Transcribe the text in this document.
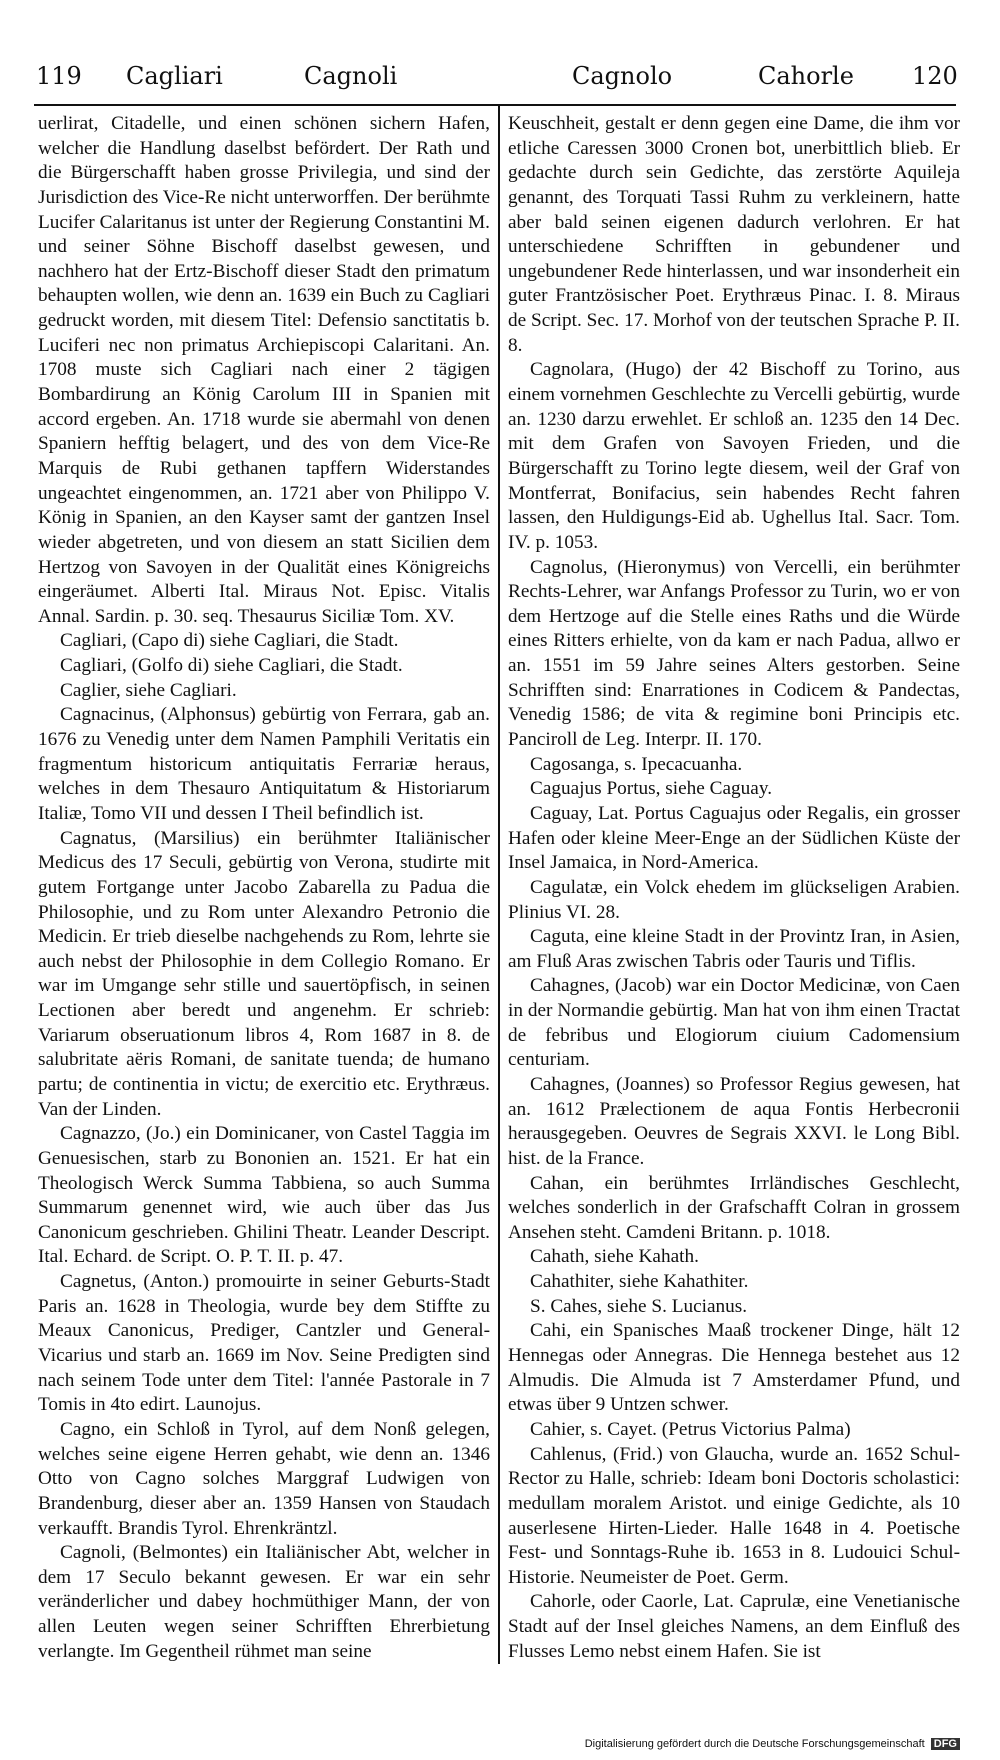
119 Cagliari	Cagnoli	Cagnolo	Cahorle 120

uerlirat, Citadelle, und einen schönen sichern Hafen, welcher die Handlung daselbst befördert. Der Rath und die Bürgerschafft haben grosse Privilegia, und sind der Jurisdiction des Vice-Re nicht unterworffen. Der berühmte Lucifer Calaritanus ist unter der Regierung Constantini M. und seiner Söhne Bischoff daselbst gewesen, und nachhero hat der Ertz-Bischoff dieser Stadt den primatum behaupten wollen, wie denn an. 1639 ein Buch zu Cagliari gedruckt worden, mit diesem Titel: Defensio sanctitatis b. Luciferi nec non primatus Archiepiscopi Calaritani. An. 1708 muste sich Cagliari nach einer 2 tägigen Bombardirung an König Carolum III in Spanien mit accord ergeben. An. 1718 wurde sie abermahl von denen Spaniern hefftig belagert, und des von dem Vice-Re Marquis de Rubi gethanen tapffern Widerstandes ungeachtet eingenommen, an. 1721 aber von Philippo V. König in Spanien, an den Kayser samt der gantzen Insel wieder abgetreten, und von diesem an statt Sicilien dem Hertzog von Savoyen in der Qualität eines Königreichs eingeräumet. Alberti Ital. Miraus Not. Episc. Vitalis Annal. Sardin. p. 30. seq. Thesaurus Siciliæ Tom. XV.

Cagliari, (Capo di) siehe Cagliari, die Stadt.

Cagliari, (Golfo di) siehe Cagliari, die Stadt.

Caglier, siehe Cagliari.

Cagnacinus, (Alphonsus) gebürtig von Ferrara, gab an. 1676 zu Venedig unter dem Namen Pamphili Veritatis ein fragmentum historicum antiquitatis Ferrariæ heraus, welches in dem Thesauro Antiquitatum & Historiarum Italiæ, Tomo VII und dessen I Theil befindlich ist.

Cagnatus, (Marsilius) ein berühmter Italiänischer Medicus des 17 Seculi, gebürtig von Verona, studirte mit gutem Fortgange unter Jacobo Zabarella zu Padua die Philosophie, und zu Rom unter Alexandro Petronio die Medicin. Er trieb dieselbe nachgehends zu Rom, lehrte sie auch nebst der Philosophie in dem Collegio Romano. Er war im Umgange sehr stille und sauertöpfisch, in seinen Lectionen aber beredt und angenehm. Er schrieb: Variarum obseruationum libros 4, Rom 1687 in 8. de salubritate aëris Romani, de sanitate tuenda; de humano partu; de continentia in victu; de exercitio etc. Erythræus. Van der Linden.

Cagnazzo, (Jo.) ein Dominicaner, von Castel Taggia im Genuesischen, starb zu Bononien an. 1521. Er hat ein Theologisch Werck Summa Tabbiena, so auch Summa Summarum genennet wird, wie auch über das Jus Canonicum geschrieben. Ghilini Theatr. Leander Descript. Ital. Echard. de Script. O. P. T. II. p. 47.

Cagnetus, (Anton.) promouirte in seiner Geburts-Stadt Paris an. 1628 in Theologia, wurde bey dem Stiffte zu Meaux Canonicus, Prediger, Cantzler und General-Vicarius und starb an. 1669 im Nov. Seine Predigten sind nach seinem Tode unter dem Titel: l'année Pastorale in 7 Tomis in 4to edirt. Launojus.

Cagno, ein Schloß in Tyrol, auf dem Nonß gelegen, welches seine eigene Herren gehabt, wie denn an. 1346 Otto von Cagno solches Marggraf Ludwigen von Brandenburg, dieser aber an. 1359 Hansen von Staudach verkaufft. Brandis Tyrol. Ehrenkräntzl.

Cagnoli, (Belmontes) ein Italiänischer Abt, welcher in dem 17 Seculo bekannt gewesen. Er war ein sehr veränderlicher und dabey hochmüthiger Mann, der von allen Leuten wegen seiner Schrifften Ehrerbietung verlangte. Im Gegentheil rühmet man seine

Keuschheit, gestalt er denn gegen eine Dame, die ihm vor etliche Caressen 3000 Cronen bot, unerbittlich blieb. Er gedachte durch sein Gedichte, das zerstörte Aquileja genannt, des Torquati Tassi Ruhm zu verkleinern, hatte aber bald seinen eigenen dadurch verlohren. Er hat unterschiedene Schrifften in gebundener und ungebundener Rede hinterlassen, und war insonderheit ein guter Frantzösischer Poet. Erythræus Pinac. I. 8. Miraus de Script. Sec. 17. Morhof von der teutschen Sprache P. II. 8.

Cagnolara, (Hugo) der 42 Bischoff zu Torino, aus einem vornehmen Geschlechte zu Vercelli gebürtig, wurde an. 1230 darzu erwehlet. Er schloß an. 1235 den 14 Dec. mit dem Grafen von Savoyen Frieden, und die Bürgerschafft zu Torino legte diesem, weil der Graf von Montferrat, Bonifacius, sein habendes Recht fahren lassen, den Huldigungs-Eid ab. Ughellus Ital. Sacr. Tom. IV. p. 1053.

Cagnolus, (Hieronymus) von Vercelli, ein berühmter Rechts-Lehrer, war Anfangs Professor zu Turin, wo er von dem Hertzoge auf die Stelle eines Raths und die Würde eines Ritters erhielte, von da kam er nach Padua, allwo er an. 1551 im 59 Jahre seines Alters gestorben. Seine Schrifften sind: Enarrationes in Codicem & Pandectas, Venedig 1586; de vita & regimine boni Principis etc. Panciroll de Leg. Interpr. II. 170.

Cagosanga, s. Ipecacuanha.

Caguajus Portus, siehe Caguay.

Caguay, Lat. Portus Caguajus oder Regalis, ein grosser Hafen oder kleine Meer-Enge an der Südlichen Küste der Insel Jamaica, in Nord-America.

Cagulatæ, ein Volck ehedem im glückseligen Arabien. Plinius VI. 28.

Caguta, eine kleine Stadt in der Provintz Iran, in Asien, am Fluß Aras zwischen Tabris oder Tauris und Tiflis.

Cahagnes, (Jacob) war ein Doctor Medicinæ, von Caen in der Normandie gebürtig. Man hat von ihm einen Tractat de febribus und Elogiorum ciuium Cadomensium centuriam.

Cahagnes, (Joannes) so Professor Regius gewesen, hat an. 1612 Prælectionem de aqua Fontis Herbecronii herausgegeben. Oeuvres de Segrais XXVI. le Long Bibl. hist. de la France.

Cahan, ein berühmtes Irrländisches Geschlecht, welches sonderlich in der Grafschafft Colran in grossem Ansehen steht. Camdeni Britann. p. 1018.

Cahath, siehe Kahath.

Cahathiter, siehe Kahathiter.

S. Cahes, siehe S. Lucianus.

Cahi, ein Spanisches Maaß trockener Dinge, hält 12 Hennegas oder Annegras. Die Hennega bestehet aus 12 Almudis. Die Almuda ist 7 Amsterdamer Pfund, und etwas über 9 Untzen schwer.

Cahier, s. Cayet. (Petrus Victorius Palma)

Cahlenus, (Frid.) von Glaucha, wurde an. 1652 Schul-Rector zu Halle, schrieb: Ideam boni Doctoris scholastici: medullam moralem Aristot. und einige Gedichte, als 10 auserlesene Hirten-Lieder. Halle 1648 in 4. Poetische Fest- und Sonntags-Ruhe ib. 1653 in 8. Ludouici Schul-Historie. Neumeister de Poet. Germ.

Cahorle, oder Caorle, Lat. Caprulæ, eine Venetianische Stadt auf der Insel gleiches Namens, an dem Einfluß des Flusses Lemo nebst einem Hafen. Sie ist

Digitalisierung gefördert durch die Deutsche Forschungsgemeinschaft DFG
